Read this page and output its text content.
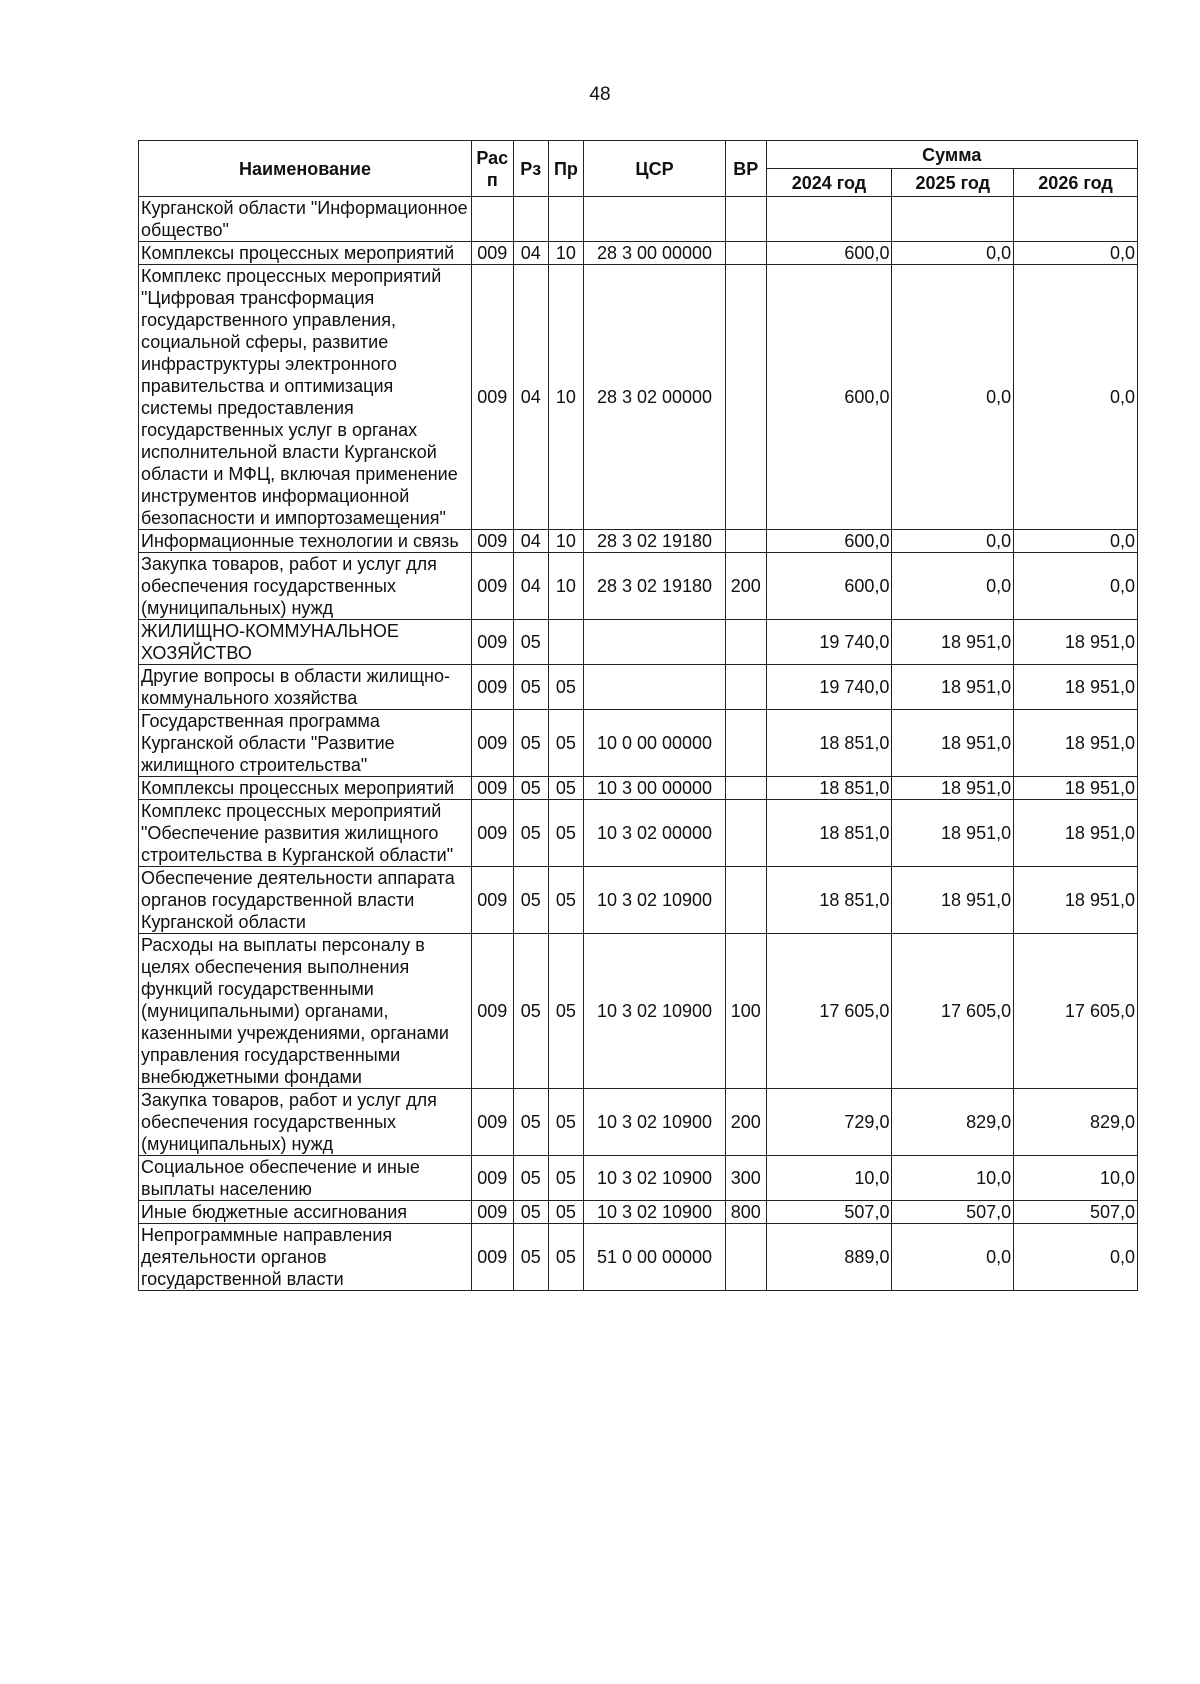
48
Наименование	Рас п	Рз	Пр	ЦСР	ВР	Сумма		
						2024 год	2025 год	2026 год
Курганской области "Информационное общество"								
Комплексы процессных мероприятий	009	04	10	28 3 00 00000		600,0	0,0	0,0
Комплекс процессных мероприятий "Цифровая трансформация государственного управления, социальной сферы, развитие инфраструктуры электронного правительства и оптимизация системы предоставления государственных услуг в органах исполнительной власти Курганской области и МФЦ, включая применение инструментов информационной безопасности и импортозамещения"	009	04	10	28 3 02 00000		600,0	0,0	0,0
Информационные технологии и связь	009	04	10	28 3 02 19180		600,0	0,0	0,0
Закупка товаров, работ и услуг для обеспечения государственных (муниципальных) нужд	009	04	10	28 3 02 19180	200	600,0	0,0	0,0
ЖИЛИЩНО-КОММУНАЛЬНОЕ ХОЗЯЙСТВО	009	05				19 740,0	18 951,0	18 951,0
Другие вопросы в области жилищно-коммунального хозяйства	009	05	05			19 740,0	18 951,0	18 951,0
Государственная программа Курганской области "Развитие жилищного строительства"	009	05	05	10 0 00 00000		18 851,0	18 951,0	18 951,0
Комплексы процессных мероприятий	009	05	05	10 3 00 00000		18 851,0	18 951,0	18 951,0
Комплекс процессных мероприятий "Обеспечение развития жилищного строительства в Курганской области"	009	05	05	10 3 02 00000		18 851,0	18 951,0	18 951,0
Обеспечение деятельности аппарата органов государственной власти Курганской области	009	05	05	10 3 02 10900		18 851,0	18 951,0	18 951,0
Расходы на выплаты персоналу в целях обеспечения выполнения функций государственными (муниципальными) органами, казенными учреждениями, органами управления государственными внебюджетными фондами	009	05	05	10 3 02 10900	100	17 605,0	17 605,0	17 605,0
Закупка товаров, работ и услуг для обеспечения государственных (муниципальных) нужд	009	05	05	10 3 02 10900	200	729,0	829,0	829,0
Социальное обеспечение и иные выплаты населению	009	05	05	10 3 02 10900	300	10,0	10,0	10,0
Иные бюджетные ассигнования	009	05	05	10 3 02 10900	800	507,0	507,0	507,0
Непрограммные направления деятельности органов государственной власти	009	05	05	51 0 00 00000		889,0	0,0	0,0
